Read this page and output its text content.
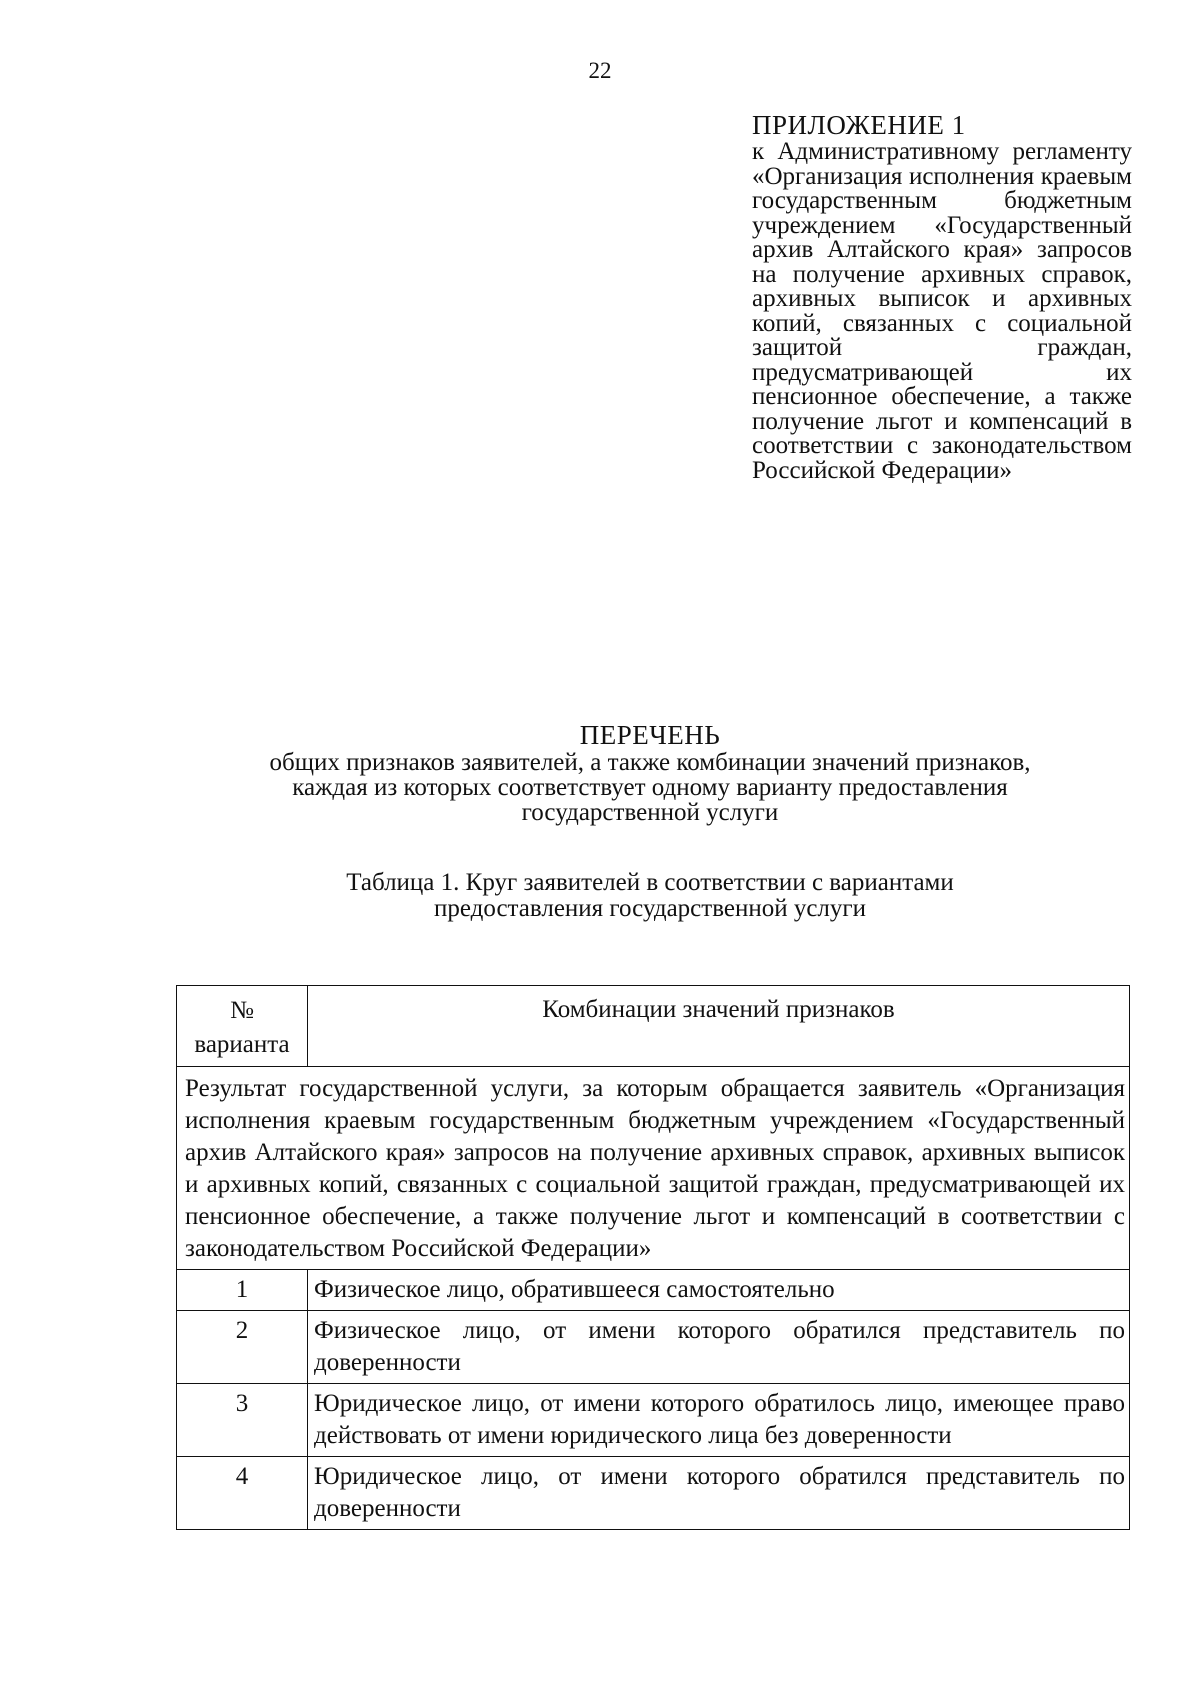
22
ПРИЛОЖЕНИЕ 1
к Административному регламенту «Организация исполнения краевым государственным бюджетным учреждением «Государственный архив Алтайского края» запросов на получение архивных справок, архивных выписок и архивных копий, связанных с социальной защитой граждан, предусматривающей их пенсионное обеспечение, а также получение льгот и компенсаций в соответствии с законодательством Российской Федерации»
ПЕРЕЧЕНЬ
общих признаков заявителей, а также комбинации значений признаков, каждая из которых соответствует одному варианту предоставления государственной услуги
Таблица 1. Круг заявителей в соответствии с вариантами
предоставления государственной услуги
№
варианта	Комбинации значений признаков
Результат государственной услуги, за которым обращается заявитель «Организация исполнения краевым государственным бюджетным учреждением «Государственный архив Алтайского края» запросов на получение архивных справок, архивных выписок и архивных копий, связанных с социальной защитой граждан, предусматривающей их пенсионное обеспечение, а также получение льгот и компенсаций в соответствии с законодательством Российской Федерации»	
1	Физическое лицо, обратившееся самостоятельно
2	Физическое лицо, от имени которого обратился представитель по доверенности
3	Юридическое лицо, от имени которого обратилось лицо, имеющее право действовать от имени юридического лица без доверенности
4	Юридическое лицо, от имени которого обратился представитель по доверенности
